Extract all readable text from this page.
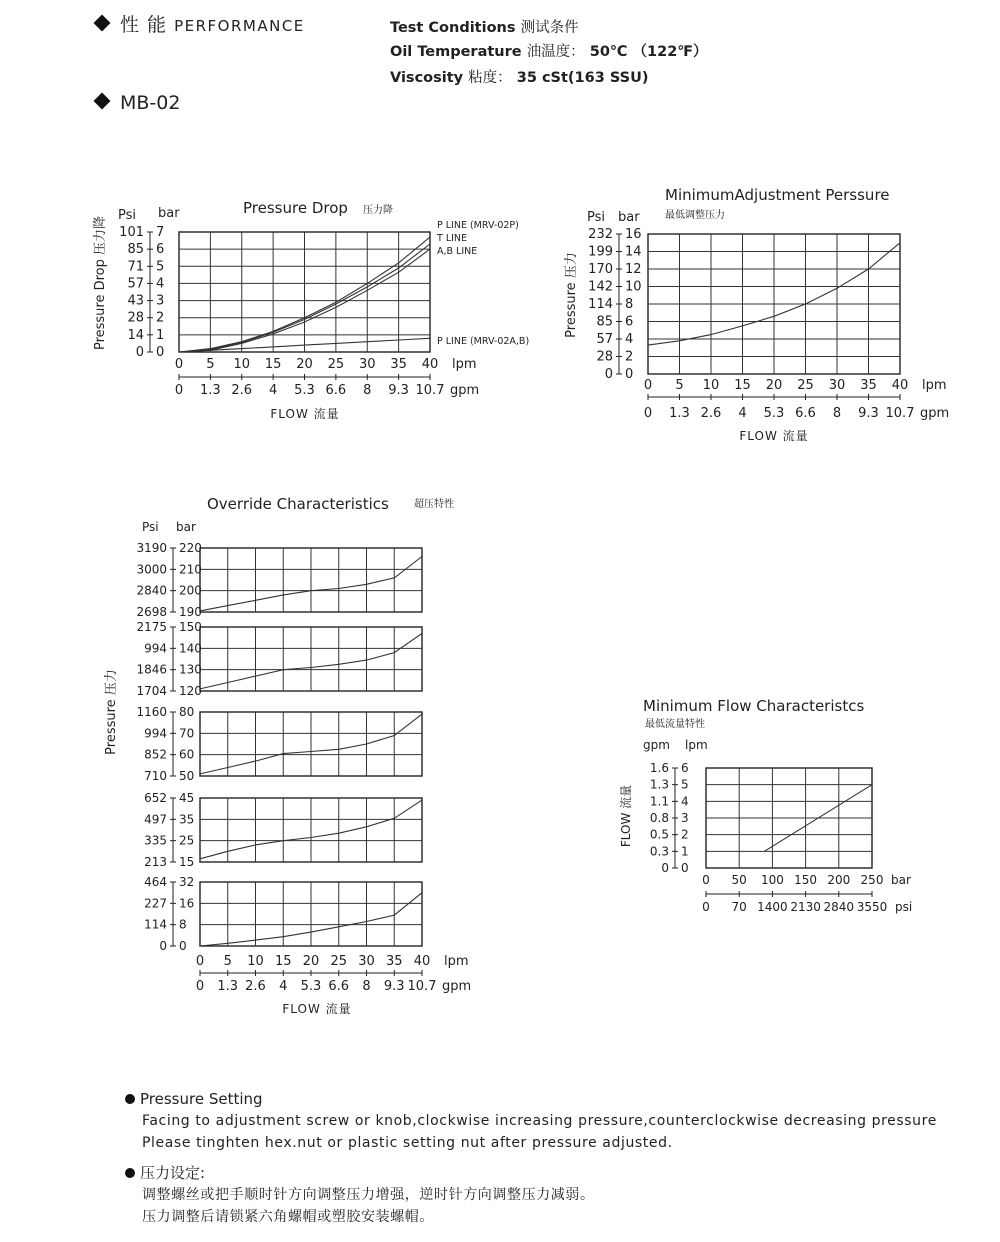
性 能 PERFORMANCE
MB-02
Test Conditions 测试条件
Oil Temperature 油温度： 50℃ （122℉）
Viscosity 粘度： 35 cSt(163 SSU)
0 0
14 1
28 2
43 3
57 4
71 5
85 6
101 7
Psi bar	Pressure Drop 压力降
Pressure Drop 压力降	P LINE (MRV-02P)
T LINE
A,B LINE
P LINE (MRV-02A,B)
0
0
5
1.3
10
2.6
15
4
20
5.3
25
6.6
30
8
35
9.3
40
10.7
lpm
gpm
FLOW 流量
0 0
28 2
57 4
85 6
114 8
142 10
170 12
199 14
232 16
Psi bar
MinimumAdjustment Perssure
最低调整压力
Pressure 压力
0
0
5
1.3
10
2.6
15
4
20
5.3
25
6.6
30
8
35
9.3
40
10.7
lpm
gpm
FLOW 流量
Override Characteristics	超压特性
Psi bar
Pressure 压力
2698 190
2840 200
3000 210
3190 220
1704 120
1846 130
994 140
2175 150
710 50
852 60
994 70
1160 80
213 15
335 25
497 35
652 45
0 0
114 8
227 16
464 32
0
0
5
1.3
10
2.6
15
4
20
5.3
25
6.6
30
8
35
9.3
40
10.7
lpm
gpm
FLOW 流量
0 0
0.3 1
0.5 2
0.8 3
1.1 4
1.3 5
1.6 6
gpm lpm
Minimum Flow Characteristcs
最低流量特性
FLOW 流量
0
0
50
70
100
1400
150
2130
200
2840
250
3550
bar
psi
Pressure Setting
Facing to adjustment screw or knob,clockwise increasing pressure,counterclockwise decreasing pressure
Please tinghten hex.nut or plastic setting nut after pressure adjusted.
压力设定:
调整螺丝或把手顺时针方向调整压力增强，逆时针方向调整压力减弱。
压力调整后请锁紧六角螺帽或塑胶安装螺帽。
